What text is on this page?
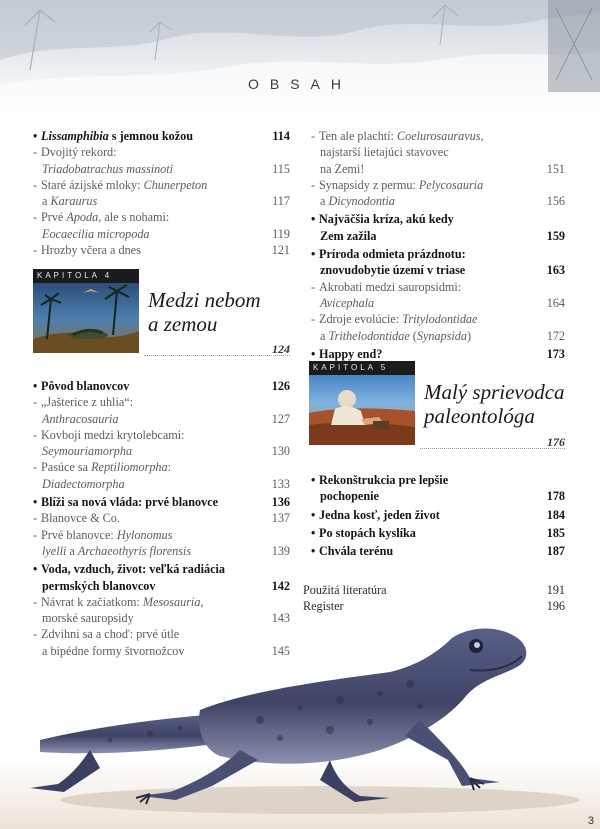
OBSAH
• Lissamphibia s jemnou kožou	114
- Dvojitý rekord:
Triadobatrachus massinoti	115
- Staré ázijské mloky: Chunerpeton
a Karaurus	117
- Prvé Apoda, ale s nohami:
Eocaecilia micropoda	119
- Hrozby včera a dnes	121
KAPITOLA 4
Medzi nebom
a zemou
124
• Pôvod blanovcov	126
- „Jašterice z uhlia“:
Anthracosauria	127
- Kovboji medzi krytolebcami:
Seymouriamorpha	130
- Pasúce sa Reptiliomorpha:
Diadectomorpha	133
• Blíži sa nová vláda: prvé blanovce	136
- Blanovce & Co.	137
- Prvé blanovce: Hylonomus
lyelli a Archaeothyris florensis	139
• Voda, vzduch, život: veľká radiácia
permských blanovcov	142
- Návrat k začiatkom: Mesosauria,
morské sauropsidy	143
- Zdvihni sa a choď: prvé útle
a bipédne formy štvornožcov	145
- Ten ale plachtí: Coelurosauravus,
najstarší lietajúci stavovec
na Zemi!	151
- Synapsidy z permu: Pelycosauria
a Dicynodontia	156
• Najväčšia kríza, akú kedy
Zem zažila	159
• Príroda odmieta prázdnotu:
znovudobytie území v triase	163
- Akrobati medzi sauropsidmi:
Avicephala	164
- Zdroje evolúcie: Tritylodontidae
a Trithelodontidae (Synapsida)	172
• Happy end?	173
KAPITOLA 5
Malý sprievodca
paleontológa
176
• Rekonštrukcia pre lepšie
pochopenie	178
• Jedna kosť, jeden život	184
• Po stopách kyslíka	185
• Chvála terénu	187
Použitá literatúra	191
Register	196
3
